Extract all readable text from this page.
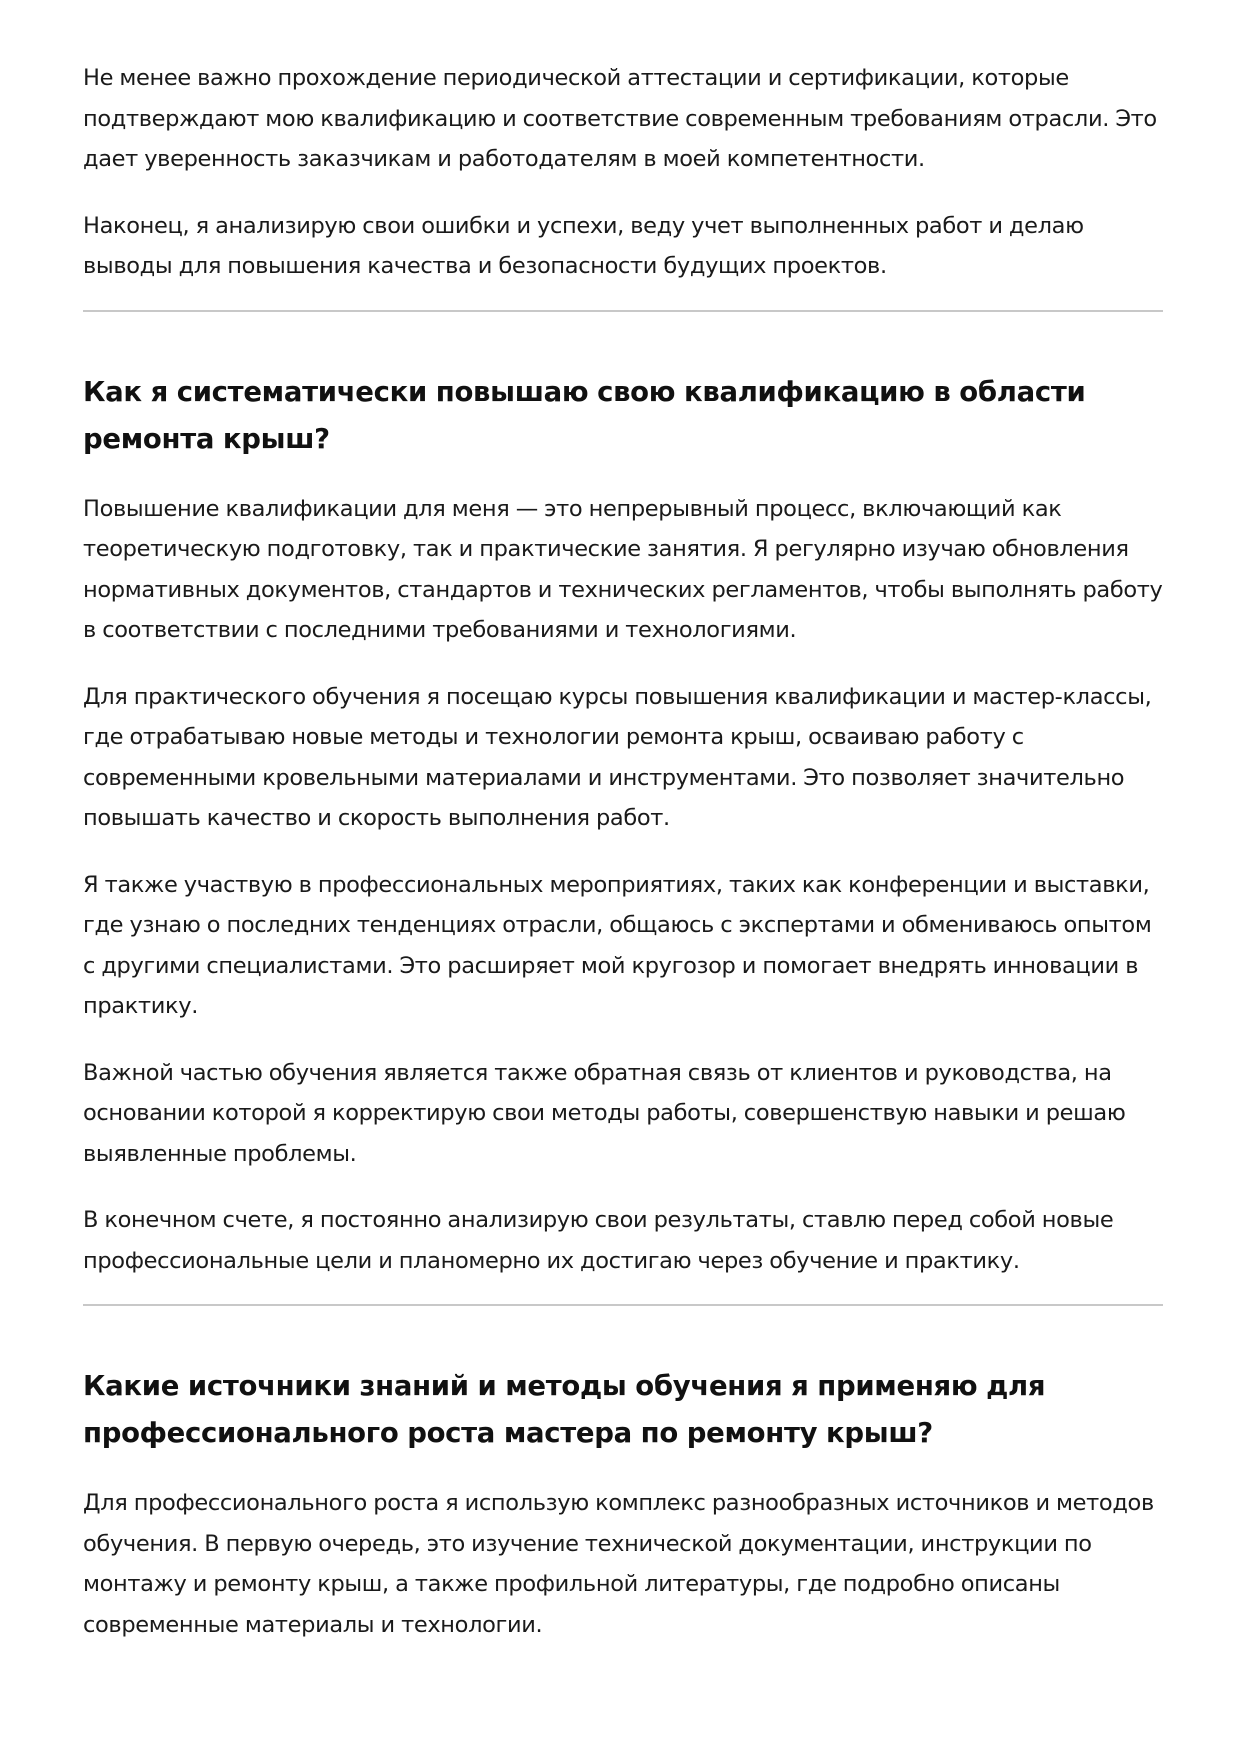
Не менее важно прохождение периодической аттестации и сертификации, которые подтверждают мою квалификацию и соответствие современным требованиям отрасли. Это дает уверенность заказчикам и работодателям в моей компетентности.

Наконец, я анализирую свои ошибки и успехи, веду учет выполненных работ и делаю выводы для повышения качества и безопасности будущих проектов.

Как я систематически повышаю свою квалификацию в области ремонта крыш?

Повышение квалификации для меня — это непрерывный процесс, включающий как теоретическую подготовку, так и практические занятия. Я регулярно изучаю обновления нормативных документов, стандартов и технических регламентов, чтобы выполнять работу в соответствии с последними требованиями и технологиями.

Для практического обучения я посещаю курсы повышения квалификации и мастер-классы, где отрабатываю новые методы и технологии ремонта крыш, осваиваю работу с современными кровельными материалами и инструментами. Это позволяет значительно повышать качество и скорость выполнения работ.

Я также участвую в профессиональных мероприятиях, таких как конференции и выставки, где узнаю о последних тенденциях отрасли, общаюсь с экспертами и обмениваюсь опытом с другими специалистами. Это расширяет мой кругозор и помогает внедрять инновации в практику.

Важной частью обучения является также обратная связь от клиентов и руководства, на основании которой я корректирую свои методы работы, совершенствую навыки и решаю выявленные проблемы.

В конечном счете, я постоянно анализирую свои результаты, ставлю перед собой новые профессиональные цели и планомерно их достигаю через обучение и практику.

Какие источники знаний и методы обучения я применяю для профессионального роста мастера по ремонту крыш?

Для профессионального роста я использую комплекс разнообразных источников и методов обучения. В первую очередь, это изучение технической документации, инструкции по монтажу и ремонту крыш, а также профильной литературы, где подробно описаны современные материалы и технологии.
